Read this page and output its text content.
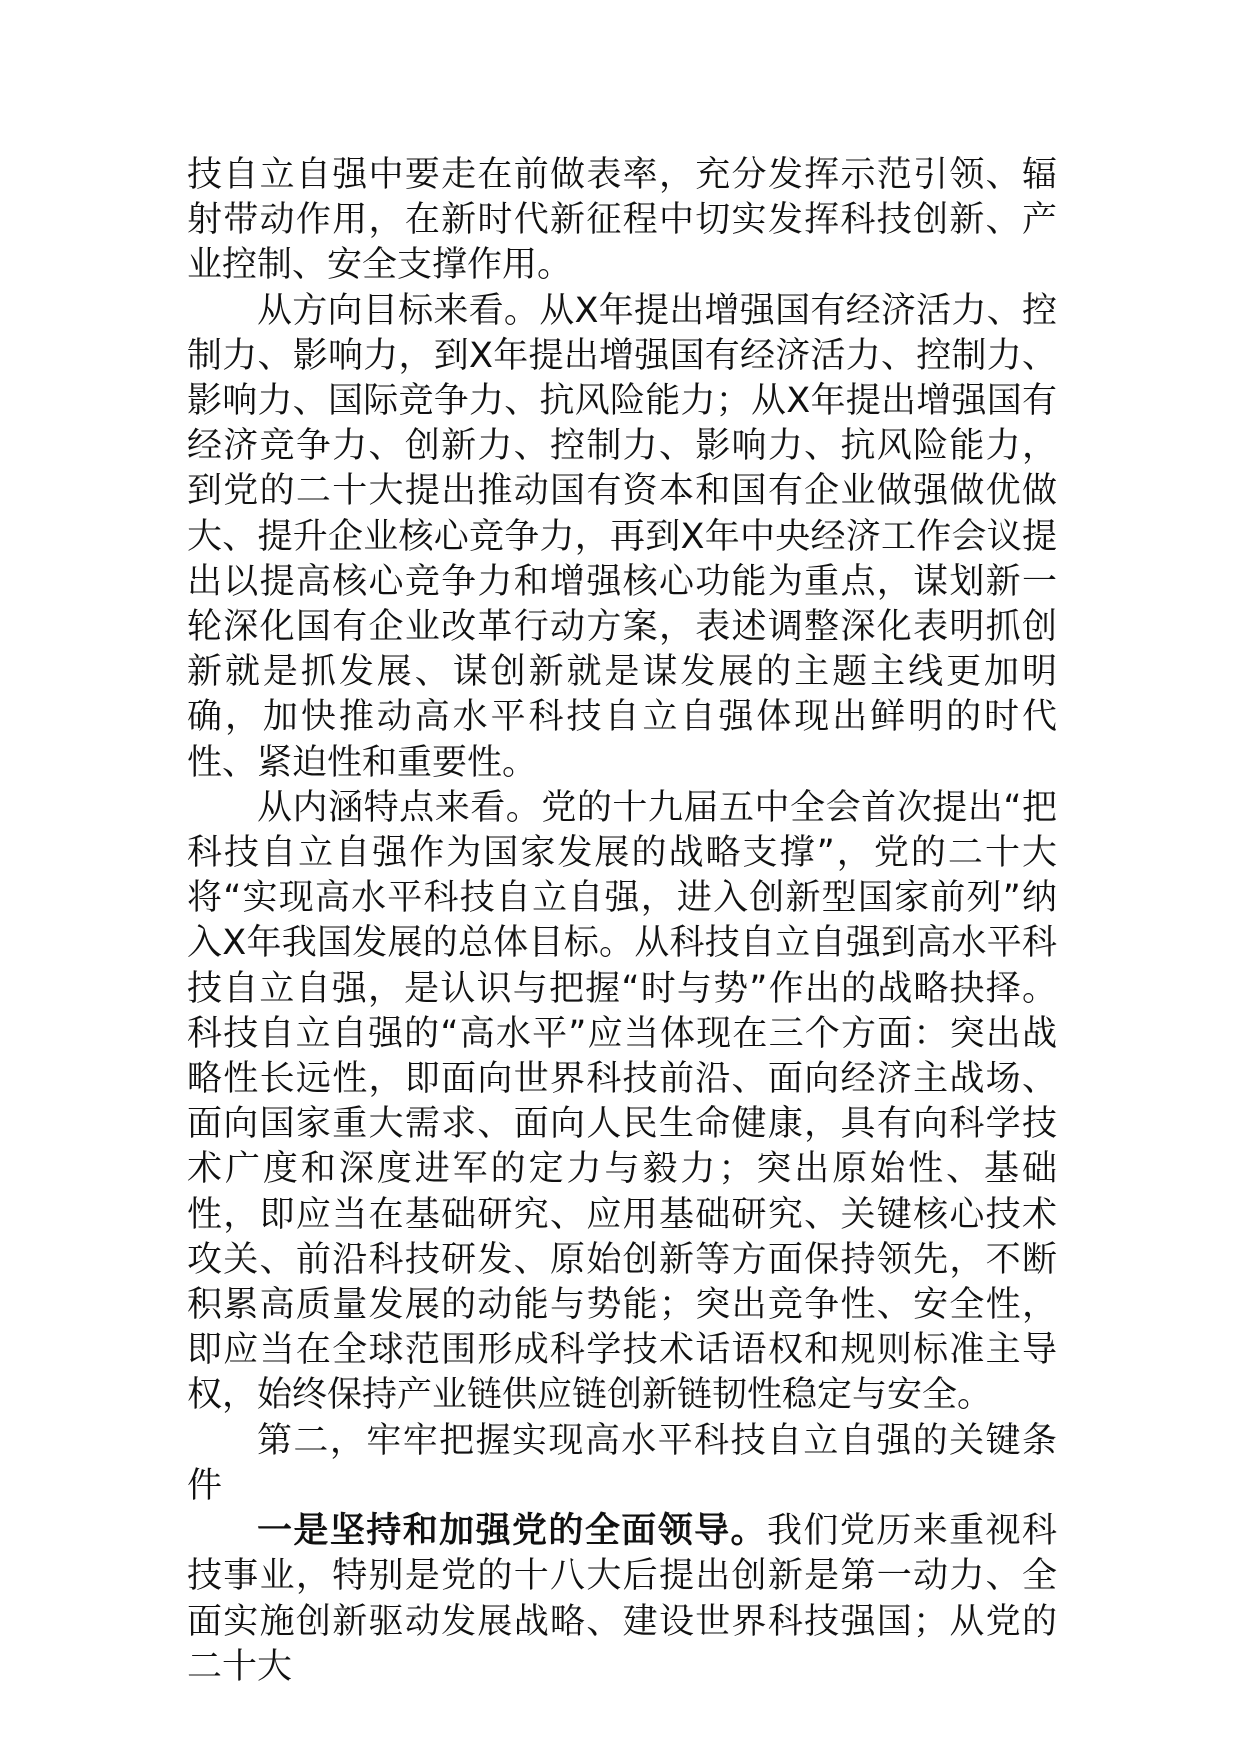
技自立自强中要走在前做表率，充分发挥示范引领、辐射带动作用，在新时代新征程中切实发挥科技创新、产业控制、安全支撑作用。

从方向目标来看。从X年提出增强国有经济活力、控制力、影响力，到X年提出增强国有经济活力、控制力、影响力、国际竞争力、抗风险能力；从X年提出增强国有经济竞争力、创新力、控制力、影响力、抗风险能力，到党的二十大提出推动国有资本和国有企业做强做优做大、提升企业核心竞争力，再到X年中央经济工作会议提出以提高核心竞争力和增强核心功能为重点，谋划新一轮深化国有企业改革行动方案，表述调整深化表明抓创新就是抓发展、谋创新就是谋发展的主题主线更加明确，加快推动高水平科技自立自强体现出鲜明的时代性、紧迫性和重要性。

从内涵特点来看。党的十九届五中全会首次提出“把科技自立自强作为国家发展的战略支撑”，党的二十大将“实现高水平科技自立自强，进入创新型国家前列”纳入X年我国发展的总体目标。从科技自立自强到高水平科技自立自强，是认识与把握“时与势”作出的战略抉择。科技自立自强的“高水平”应当体现在三个方面：突出战略性长远性，即面向世界科技前沿、面向经济主战场、面向国家重大需求、面向人民生命健康，具有向科学技术广度和深度进军的定力与毅力；突出原始性、基础性，即应当在基础研究、应用基础研究、关键核心技术攻关、前沿科技研发、原始创新等方面保持领先，不断积累高质量发展的动能与势能；突出竞争性、安全性，即应当在全球范围形成科学技术话语权和规则标准主导权，始终保持产业链供应链创新链韧性稳定与安全。

第二，牢牢把握实现高水平科技自立自强的关键条件

一是坚持和加强党的全面领导。我们党历来重视科技事业，特别是党的十八大后提出创新是第一动力、全面实施创新驱动发展战略、建设世界科技强国；从党的二十大
